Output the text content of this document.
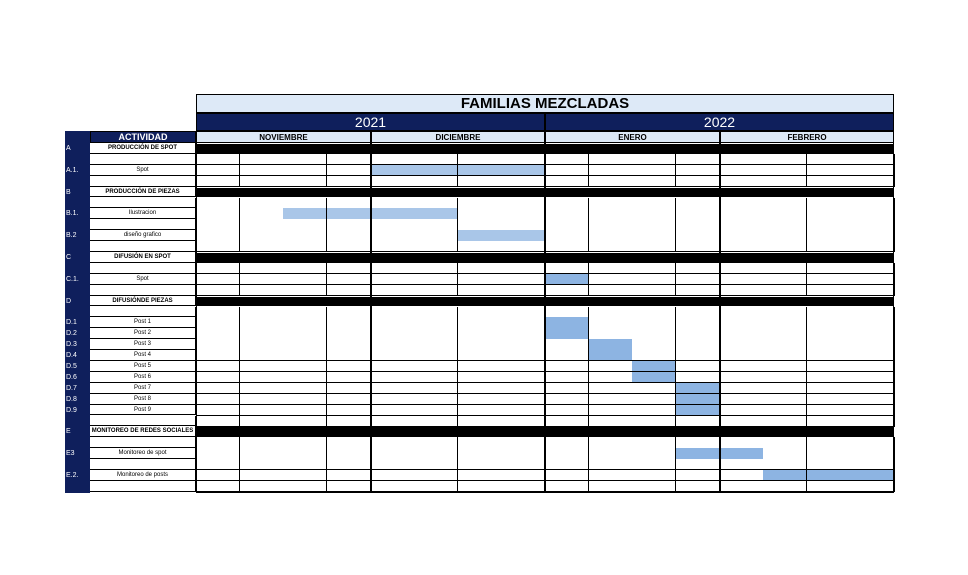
FAMILIAS MEZCLADAS
2021	2022
ACTIVIDAD	NOVIEMBRE	DICIEMBRE	ENERO	FEBRERO
A	PRODUCCIÓN DE SPOT
A.1.	Spot
B	PRODUCCIÓN DE PIEZAS
B.1.	Ilustracion
B.2	diseño grafico
C	DIFUSIÓN EN SPOT
C.1.	Spot
D	DIFUSIÓNDE PIEZAS
D.1	Post 1
D.2	Post 2
D.3	Post 3
D.4	Post 4
D.5	Post 5
D.6	Post 6
D.7	Post 7
D.8	Post 8
D.9	Post 9
E	MONITOREO DE REDES SOCIALES
E3	Monitoreo de spot
E.2.	Monitoreo de posts
